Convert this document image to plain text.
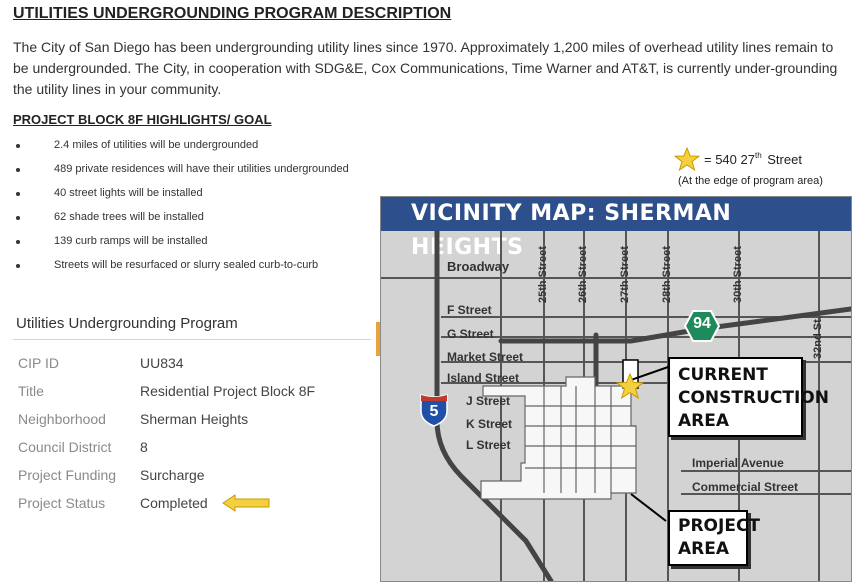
UTILITIES UNDERGROUNDING PROGRAM DESCRIPTION
The City of San Diego has been undergrounding utility lines since 1970. Approximately 1,200 miles of overhead utility lines remain to be undergrounded. The City, in cooperation with SDG&E, Cox Communications, Time Warner and AT&T, is currently under-grounding the utility lines in your community.
PROJECT BLOCK 8F HIGHLIGHTS/ GOAL
2.4 miles of utilities will be undergrounded
489 private residences will have their utilities undergrounded
40 street lights will be installed
62 shade trees will be installed
139 curb ramps will be installed
Streets will be resurfaced or slurry sealed curb-to-curb
= 540 27th Street
(At the edge of program area)
Utilities Undergrounding Program
CIP ID	UU834
Title	Residential Project Block 8F
Neighborhood	Sherman Heights
Council District	8
Project Funding	Surcharge
Project Status	Completed
VICINITY MAP: SHERMAN HEIGHTS
Broadway
F Street
G Street
Market Street
Island Street
J Street
K Street
L Street
Imperial Avenue
Commercial Street
25th Street	26th Street	27th Street	28th Street	30th Street
32nd St.
94
5
CURRENT
CONSTRUCTION
AREA
PROJECT
AREA
